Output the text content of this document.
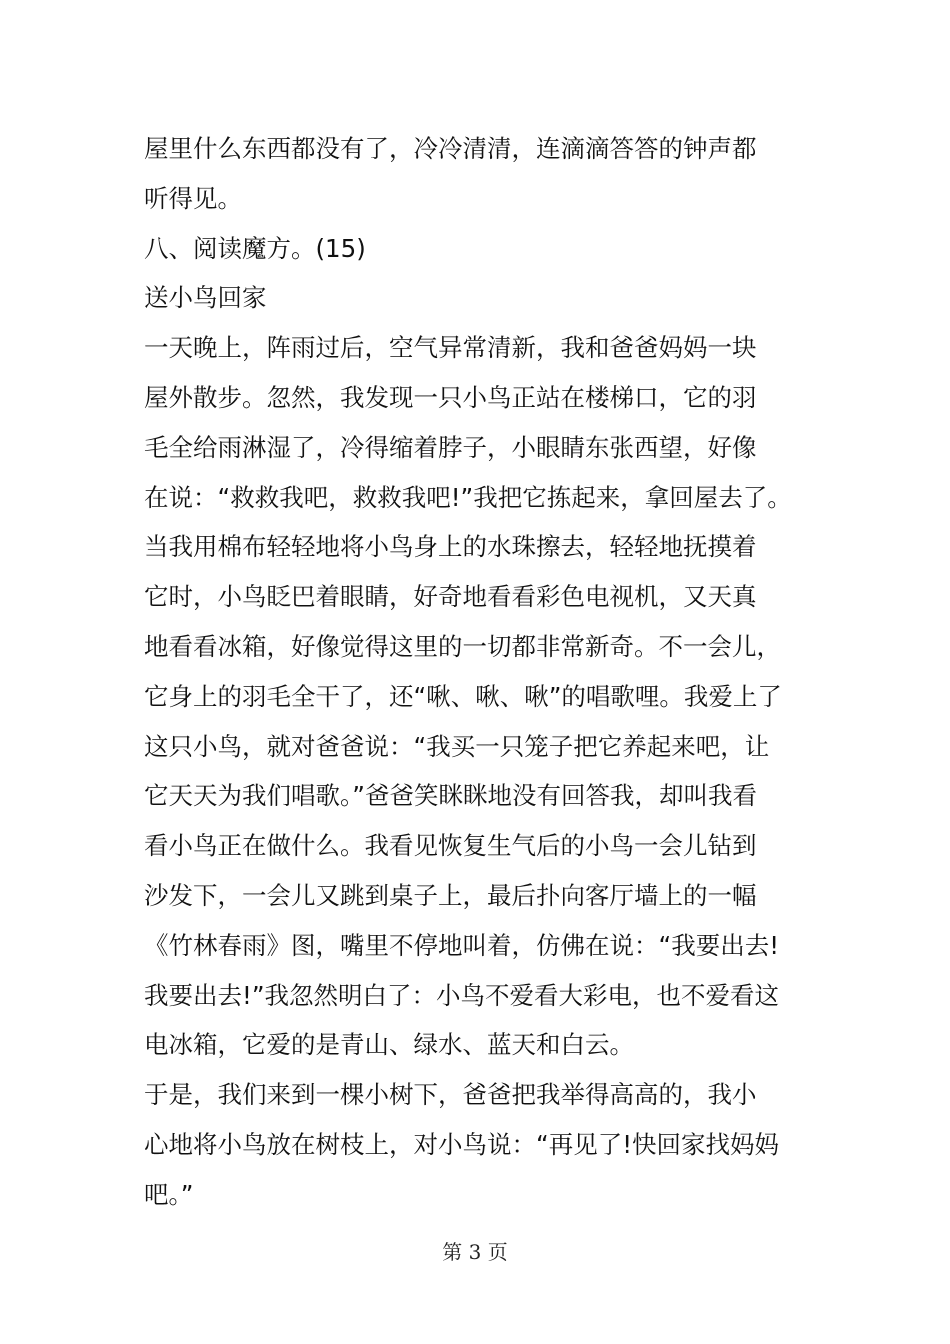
屋里什么东西都没有了，冷冷清清，连滴滴答答的钟声都
听得见。
八、阅读魔方。(15)
送小鸟回家
一天晚上，阵雨过后，空气异常清新，我和爸爸妈妈一块
屋外散步。忽然，我发现一只小鸟正站在楼梯口，它的羽
毛全给雨淋湿了，冷得缩着脖子，小眼睛东张西望，好像
在说：“救救我吧，救救我吧!”我把它拣起来，拿回屋去了。
当我用棉布轻轻地将小鸟身上的水珠擦去，轻轻地抚摸着
它时，小鸟眨巴着眼睛，好奇地看看彩色电视机，又天真
地看看冰箱，好像觉得这里的一切都非常新奇。不一会儿，
它身上的羽毛全干了，还“啾、啾、啾”的唱歌哩。我爱上了
这只小鸟，就对爸爸说：“我买一只笼子把它养起来吧，让
它天天为我们唱歌。”爸爸笑眯眯地没有回答我，却叫我看
看小鸟正在做什么。我看见恢复生气后的小鸟一会儿钻到
沙发下，一会儿又跳到桌子上，最后扑向客厅墙上的一幅
《竹林春雨》图，嘴里不停地叫着，仿佛在说：“我要出去!
我要出去!”我忽然明白了：小鸟不爱看大彩电，也不爱看这
电冰箱，它爱的是青山、绿水、蓝天和白云。
于是，我们来到一棵小树下，爸爸把我举得高高的，我小
心地将小鸟放在树枝上，对小鸟说：“再见了!快回家找妈妈
吧。”
第 3 页
